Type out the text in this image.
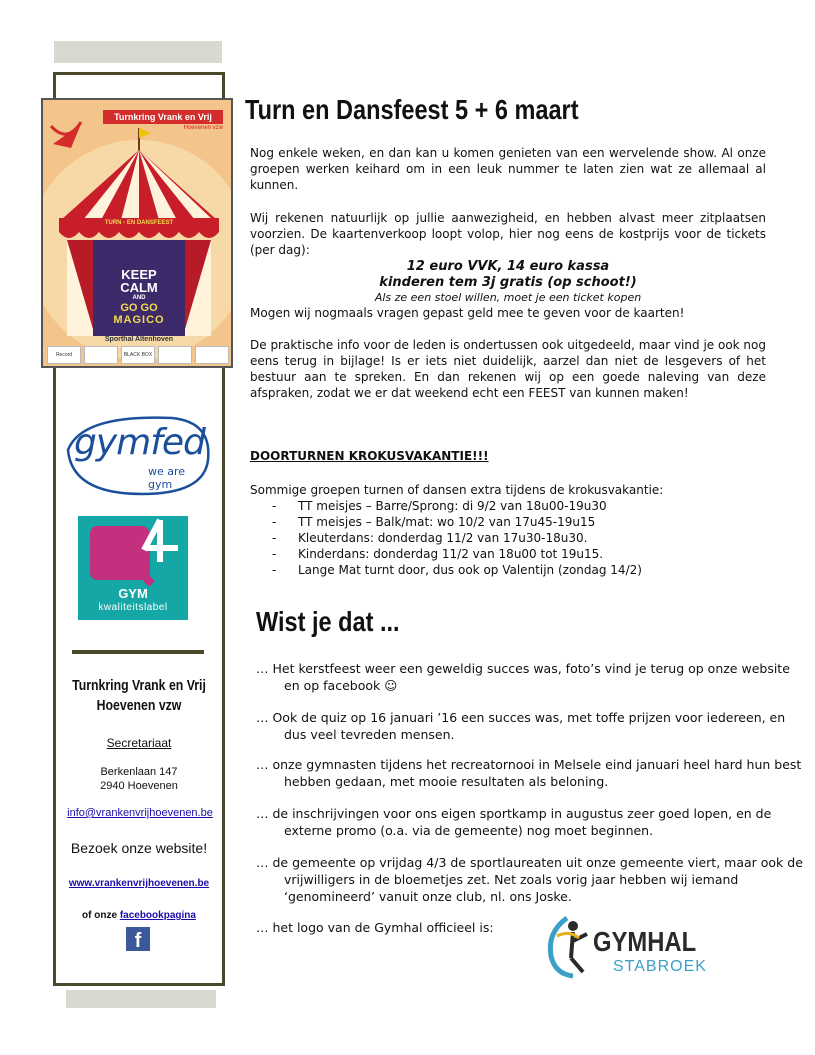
Turnkring Vrank en Vrij
Hoevenen vzw
TURN - EN DANSFEEST
KEEP
CALM
AND
GO GO
MAGICO
Sporthal Altenhoven
Record	BLACK BOX
gymfed
we are gym
GYM
kwaliteitslabel
Turnkring Vrank en Vrij
Hoevenen vzw
Secretariaat
Berkenlaan 147
2940 Hoevenen
info@vrankenvrijhoevenen.be
Bezoek onze website!
www.vrankenvrijhoevenen.be
of onze facebookpagina
f
Turn en Dansfeest 5 + 6 maart
Nog enkele weken, en dan kan u komen genieten van een wervelende show. Al onze groepen werken keihard om in een leuk nummer te laten zien wat ze allemaal al kunnen.
Wij rekenen natuurlijk op jullie aanwezigheid, en hebben alvast meer zitplaatsen voorzien. De kaartenverkoop loopt volop, hier nog eens de kostprijs voor de tickets (per dag):
12 euro VVK, 14 euro kassa
kinderen tem 3j gratis (op schoot!)
Als ze een stoel willen, moet je een ticket kopen
Mogen wij nogmaals vragen gepast geld mee te geven voor de kaarten!
De praktische info voor de leden is ondertussen ook uitgedeeld, maar vind je ook nog eens terug in bijlage! Is er iets niet duidelijk, aarzel dan niet de lesgevers of het bestuur aan te spreken. En dan rekenen wij op een goede naleving van deze afspraken, zodat we er dat weekend echt een FEEST van kunnen maken!
DOORTURNEN KROKUSVAKANTIE!!!
Sommige groepen turnen of dansen extra tijdens de krokusvakantie:
- TT meisjes – Barre/Sprong: di 9/2 van 18u00-19u30
- TT meisjes – Balk/mat: wo 10/2 van 17u45-19u15
- Kleuterdans: donderdag 11/2 van 17u30-18u30.
- Kinderdans: donderdag 11/2 van 18u00 tot 19u15.
- Lange Mat turnt door, dus ook op Valentijn (zondag 14/2)
Wist je dat ...
… Het kerstfeest weer een geweldig succes was, foto’s vind je terug op onze website en op facebook ☺
… Ook de quiz op 16 januari ’16 een succes was, met toffe prijzen voor iedereen, en dus veel tevreden mensen.
… onze gymnasten tijdens het recreatornooi in Melsele eind januari heel hard hun best hebben gedaan, met mooie resultaten als beloning.
… de inschrijvingen voor ons eigen sportkamp in augustus zeer goed lopen, en de externe promo (o.a. via de gemeente) nog moet beginnen.
… de gemeente op vrijdag 4/3 de sportlaureaten uit onze gemeente viert, maar ook de vrijwilligers in de bloemetjes zet. Net zoals vorig jaar hebben wij iemand ‘genomineerd’ vanuit onze club, nl. ons Joske.
… het logo van de Gymhal officieel is:	GYMHAL
STABROEK
